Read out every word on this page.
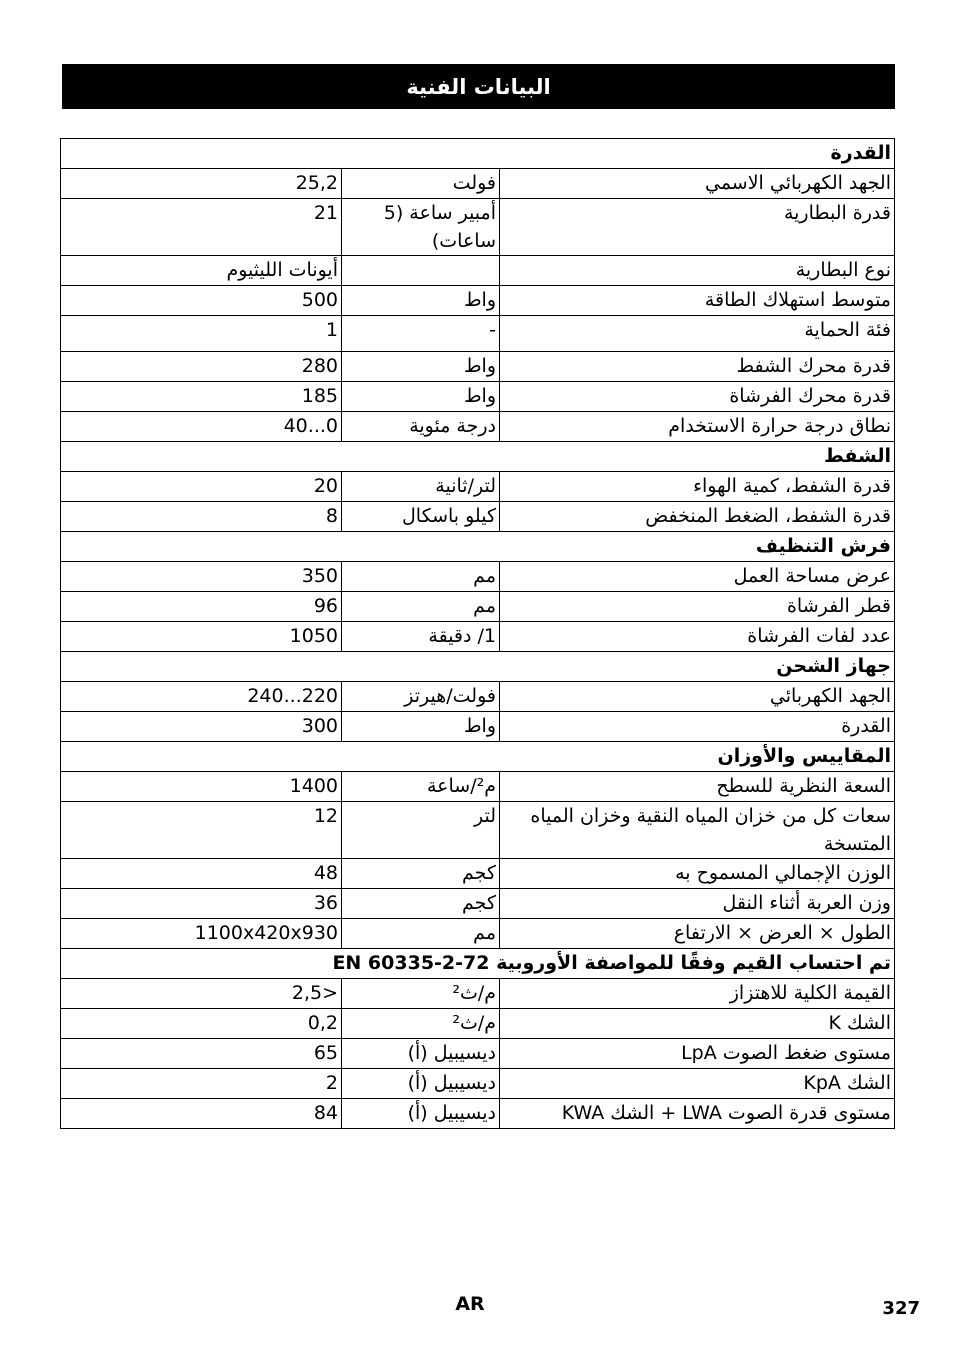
البيانات الفنية
القدرة		
25,2	فولت	الجهد الكهربائي الاسمي
21	أمبير ساعة (5 ساعات)	قدرة البطارية
أيونات الليثيوم		نوع البطارية
500	واط	متوسط استهلاك الطاقة
1	-	فئة الحماية
280	واط	قدرة محرك الشفط
185	واط	قدرة محرك الفرشاة
0...40	درجة مئوية	نطاق درجة حرارة الاستخدام
الشفط		
20	لتر/ثانية	قدرة الشفط، كمية الهواء
8	كيلو باسكال	قدرة الشفط، الضغط المنخفض
فرش التنظيف		
350	مم	عرض مساحة العمل
96	مم	قطر الفرشاة
1050	1/ دقيقة	عدد لفات الفرشاة
جهاز الشحن		
220...240	فولت/هيرتز	الجهد الكهربائي
300	واط	القدرة
المقاييس والأوزان		
1400	م²/ساعة	السعة النظرية للسطح
12	لتر	سعات كل من خزان المياه النقية وخزان المياه المتسخة
48	كجم	الوزن الإجمالي المسموح به
36	كجم	وزن العربة أثناء النقل
1100x420x930	مم	الطول × العرض × الارتفاع
تم احتساب القيم وفقًا للمواصفة الأوروبية EN 60335-2-72		
<2,5	م/ث²	القيمة الكلية للاهتزاز
0,2	م/ث²	الشك K
65	ديسيبيل (أ)	مستوى ضغط الصوت LpA
2	ديسيبيل (أ)	الشك KpA
84	ديسيبيل (أ)	مستوى قدرة الصوت LWA + الشك KWA
AR	327
